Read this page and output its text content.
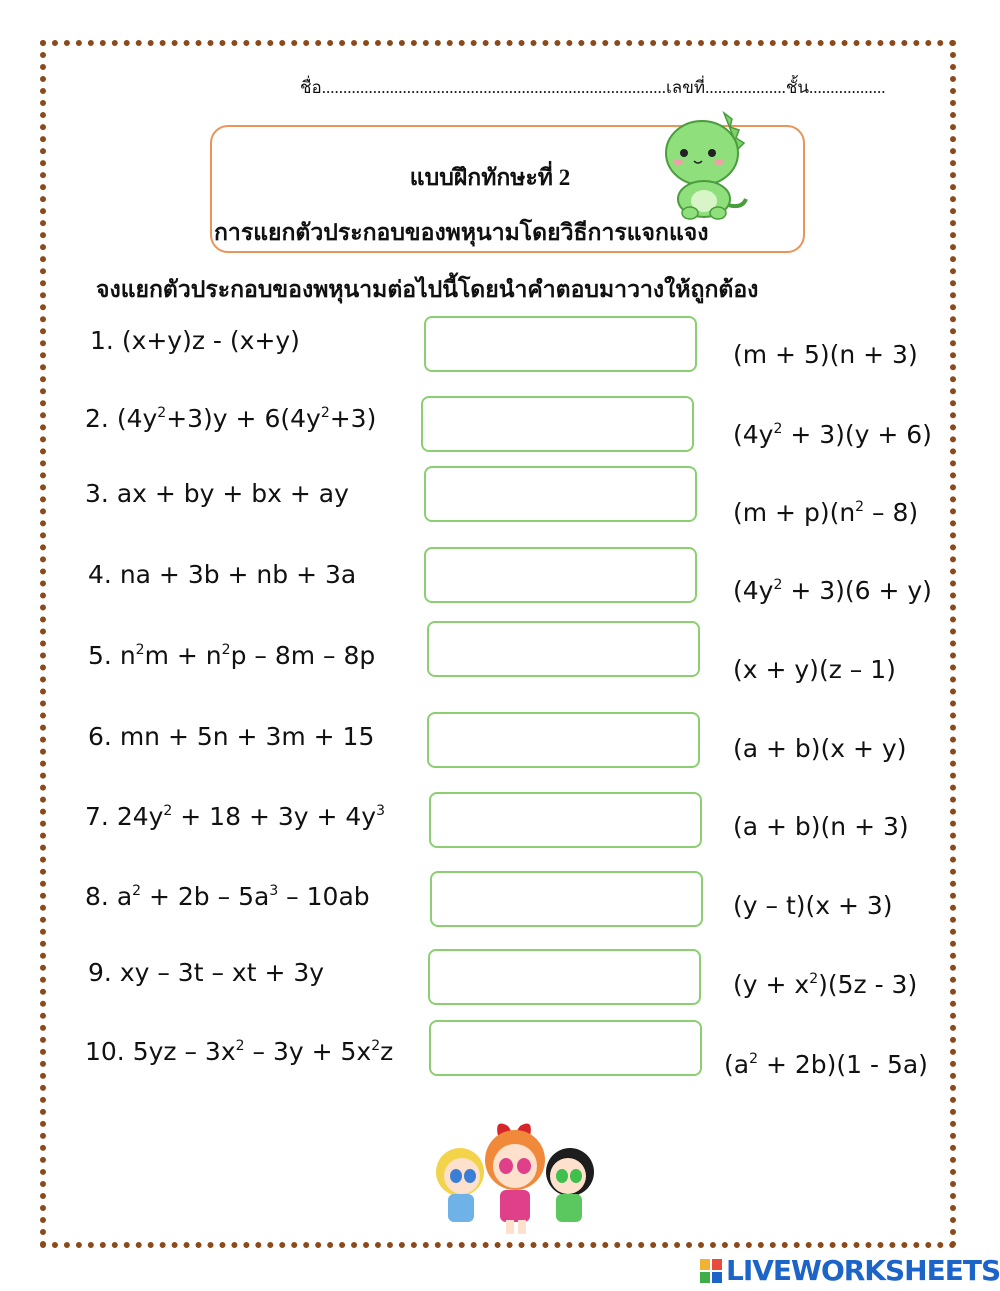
ชื่อ.................................................................................เลขที่...................ชั้น..................
แบบฝึกทักษะที่ 2
การแยกตัวประกอบของพหุนามโดยวิธีการแจกแจง
จงแยกตัวประกอบของพหุนามต่อไปนี้โดยนำคำตอบมาวางให้ถูกต้อง
1. (x+y)z - (x+y)
2. $(4y^2+3)y + 6(4y^2+3)$
3. ax + by + bx + ay
4. na + 3b + nb + 3a
5. $n^2m + n^2p - 8m - 8p$
6. mn + 5n + 3m + 15
7. $24y^2 + 18 + 3y + 4y^3$
8. $a^2 + 2b - 5a^3 - 10ab$
9. xy – 3t – xt + 3y
10. $5yz - 3x^2 - 3y + 5x^2z$
(m + 5)(n + 3)
$(4y^2 + 3)(y + 6)$
$(m + p)(n^2 - 8)$
$(4y^2 + 3)(6 + y)$
(x + y)(z – 1)
(a + b)(x + y)
(a + b)(n + 3)
(y – t)(x + 3)
$(y + x^2)(5z - 3)$
$(a^2 + 2b)(1 - 5a)$
LIVEWORKSHEETS
